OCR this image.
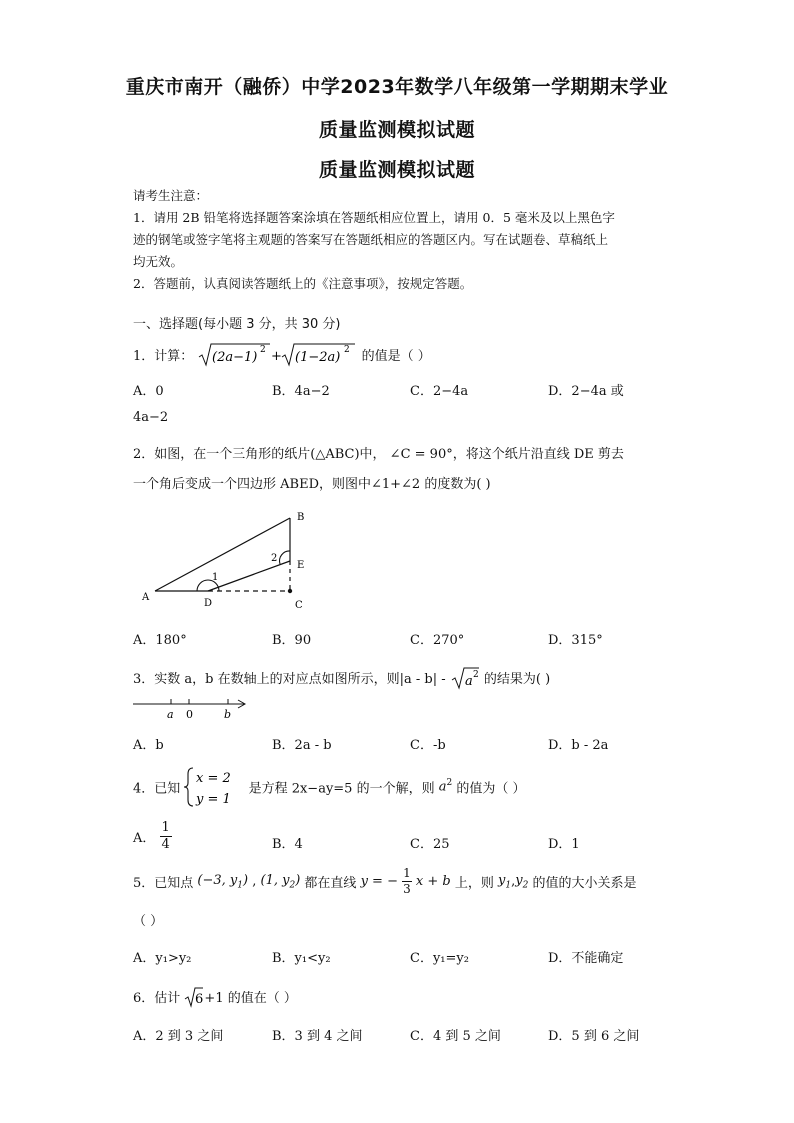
重庆市南开（融侨）中学2023年数学八年级第一学期期末学业
质量监测模拟试题
质量监测模拟试题
请考生注意：
1．请用 2B 铅笔将选择题答案涂填在答题纸相应位置上，请用 0．5 毫米及以上黑色字
迹的钢笔或签字笔将主观题的答案写在答题纸相应的答题区内。写在试题卷、草稿纸上
均无效。
2．答题前，认真阅读答题纸上的《注意事项》，按规定答题。
一、选择题(每小题 3 分，共 30 分)
1．计算： (2a−1) 2 + (1−2a) 2 的值是（ ）
A．0	B．4a−2	C．2−4a	D．2−4a 或
4a−2
2．如图，在一个三角形的纸片(△ABC)中， ∠C = 90°，将这个纸片沿直线 DE 剪去
一个角后变成一个四边形 ABED，则图中∠1+∠2 的度数为( )
A
B
C
D
E
1
2
A．180°	B．90	C．270°	D．315°
3．实数 a，b 在数轴上的对应点如图所示，则|a - b| - a 2 的结果为( )
a 0	b
A．b	B．2a - b	C．-b	D．b - 2a
4．已知
x = 2
y = 1
是方程 2x−ay=5 的一个解，则 $a^2$ 的值为（ ）
A． $\frac{1}{4}$	B．4	C．25	D．1
5．已知点 (−3, $y_1$) , (1, $y_2$) 都在直线 y = − $\frac{1}{3}$ x + b 上，则 $y_1,y_2$ 的值的大小关系是
（ ）
A．y₁>y₂	B．y₁<y₂	C．y₁=y₂	D．不能确定
6．估计 6 +1 的值在（ ）
A．2 到 3 之间	B．3 到 4 之间	C．4 到 5 之间	D．5 到 6 之间
